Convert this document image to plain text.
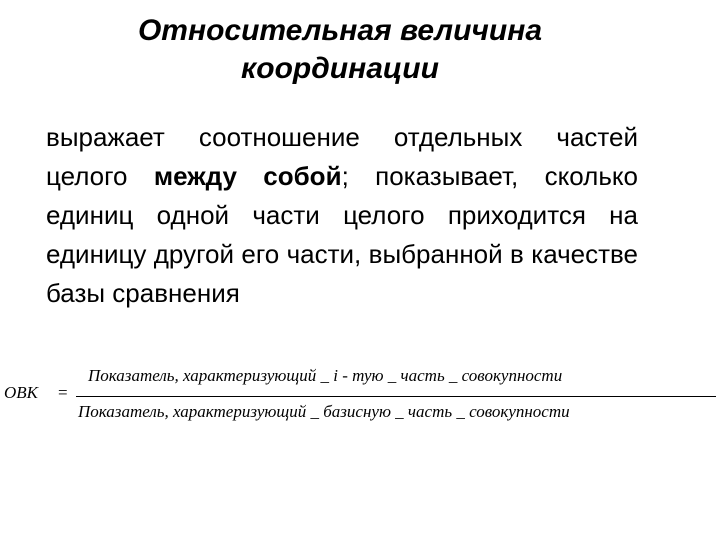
Относительная величина
координации
выражает соотношение отдельных частей целого между собой; показывает, сколько единиц одной части целого приходится на единицу другой его части, выбранной в качестве базы сравнения
ОВК =
Показатель, характеризующий _ i - тую _ часть _ совокупности
Показатель, характеризующий _ базисную _ часть _ совокупности
